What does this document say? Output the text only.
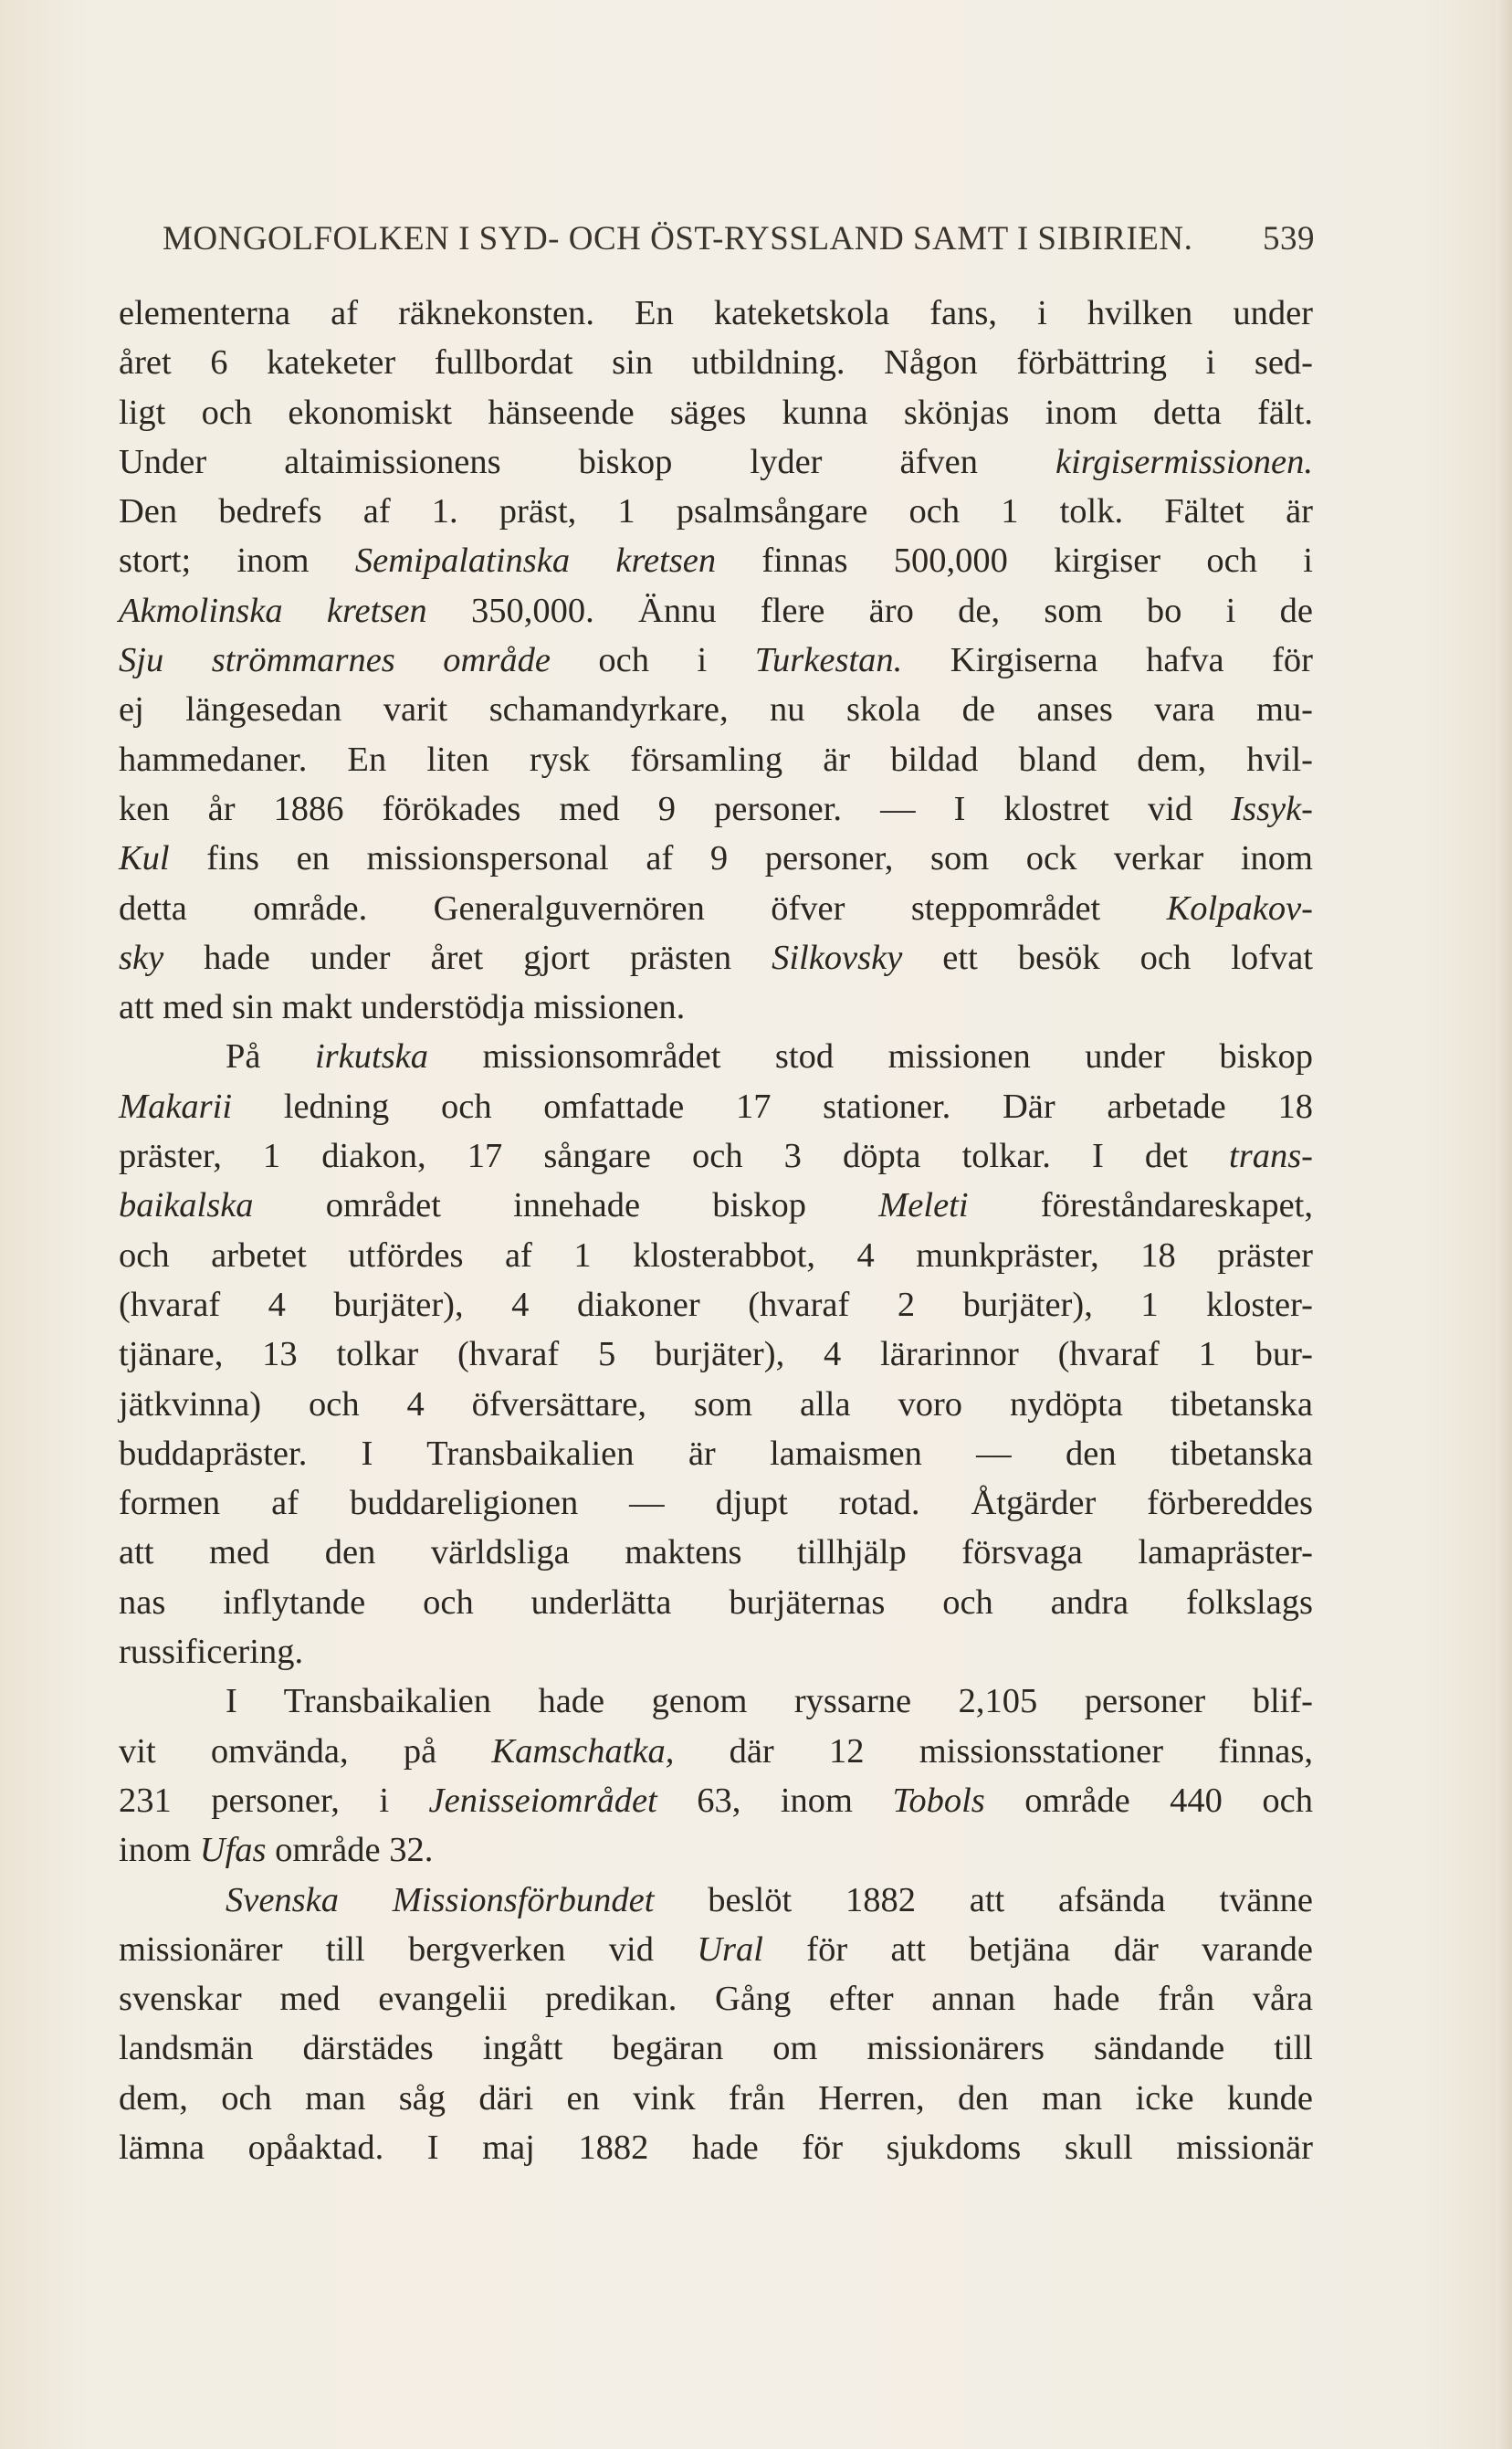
MONGOLFOLKEN I SYD- OCH ÖST-RYSSLAND SAMT I SIBIRIEN. 539
elementerna af räknekonsten. En kateketskola fans, i hvilken under
året 6 kateketer fullbordat sin utbildning. Någon förbättring i sed-
ligt och ekonomiskt hänseende säges kunna skönjas inom detta fält.
Under altaimissionens biskop lyder äfven kirgisermissionen.
Den bedrefs af 1. präst, 1 psalmsångare och 1 tolk. Fältet är
stort; inom Semipalatinska kretsen finnas 500,000 kirgiser och i
Akmolinska kretsen 350,000. Ännu flere äro de, som bo i de
Sju strömmarnes område och i Turkestan. Kirgiserna hafva för
ej längesedan varit schamandyrkare, nu skola de anses vara mu-
hammedaner. En liten rysk församling är bildad bland dem, hvil-
ken år 1886 förökades med 9 personer. — I klostret vid Issyk-
Kul fins en missionspersonal af 9 personer, som ock verkar inom
detta område. Generalguvernören öfver steppområdet Kolpakov-
sky hade under året gjort prästen Silkovsky ett besök och lofvat
att med sin makt understödja missionen.
På irkutska missionsområdet stod missionen under biskop
Makarii ledning och omfattade 17 stationer. Där arbetade 18
präster, 1 diakon, 17 sångare och 3 döpta tolkar. I det trans-
baikalska området innehade biskop Meleti föreståndareskapet,
och arbetet utfördes af 1 klosterabbot, 4 munkpräster, 18 präster
(hvaraf 4 burjäter), 4 diakoner (hvaraf 2 burjäter), 1 kloster-
tjänare, 13 tolkar (hvaraf 5 burjäter), 4 lärarinnor (hvaraf 1 bur-
jätkvinna) och 4 öfversättare, som alla voro nydöpta tibetanska
buddapräster. I Transbaikalien är lamaismen — den tibetanska
formen af buddareligionen — djupt rotad. Åtgärder förbereddes
att med den världsliga maktens tillhjälp försvaga lamapräster-
nas inflytande och underlätta burjäternas och andra folkslags
russificering.
I Transbaikalien hade genom ryssarne 2,105 personer blif-
vit omvända, på Kamschatka, där 12 missionsstationer finnas,
231 personer, i Jenisseiområdet 63, inom Tobols område 440 och
inom Ufas område 32.
Svenska Missionsförbundet beslöt 1882 att afsända tvänne
missionärer till bergverken vid Ural för att betjäna där varande
svenskar med evangelii predikan. Gång efter annan hade från våra
landsmän därstädes ingått begäran om missionärers sändande till
dem, och man såg däri en vink från Herren, den man icke kunde
lämna opåaktad. I maj 1882 hade för sjukdoms skull missionär
